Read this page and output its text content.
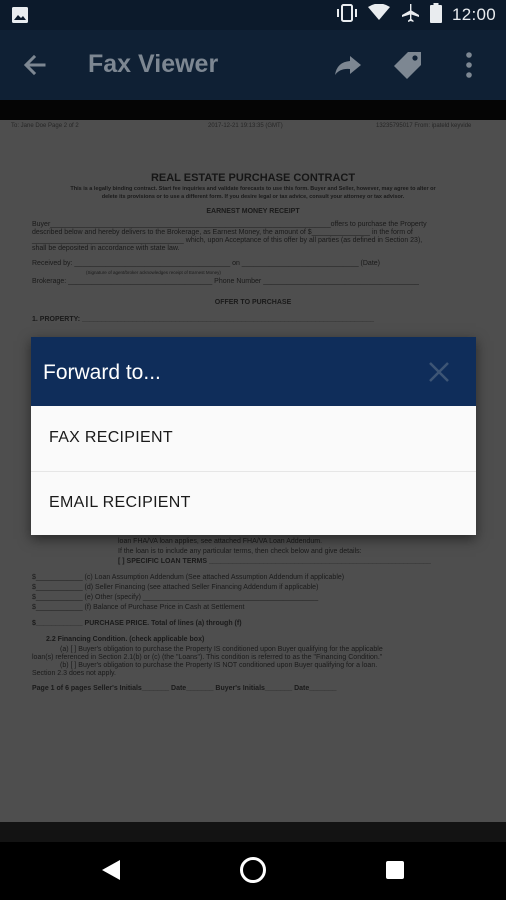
12:00
Fax Viewer
To: Jane Doe Page 2 of 2	2017-12-21 19:13:35 (GMT)	13235795017 From: ipateld keyvide
REAL ESTATE PURCHASE CONTRACT
This is a legally binding contract. Start fee inquiries and validate forecasts to use this form. Buyer and Seller, however, may agree to alter or
delete its provisions or to use a different form. If you desire legal or tax advice, consult your attorney or tax advisor.
EARNEST MONEY RECEIPT
Buyer________________________________________________________________________offers to purchase the Property
described below and hereby delivers to the Brokerage, as Earnest Money, the amount of $_______________ in the form of
_______________________________________ which, upon Acceptance of this offer by all parties (as defined in Section 23),
shall be deposited in accordance with state law.
Received by: ________________________________________ on ______________________________ (Date)
(Signature of agent/broker acknowledges receipt of Earnest Money)
Brokerage: _____________________________________ Phone Number ________________________________________
OFFER TO PURCHASE
1. PROPERTY: ___________________________________________________________________________
loan FHA/VA loan applies, see attached FHA/VA Loan Addendum.
If the loan is to include any particular terms, then check below and give details:
[ ] SPECIFIC LOAN TERMS _________________________________________________________
$____________ (c) Loan Assumption Addendum (See attached Assumption Addendum if applicable)
$____________ (d) Seller Financing (see attached Seller Financing Addendum if applicable)
$____________ (e) Other (specify) _____________________________________________
$____________ (f) Balance of Purchase Price in Cash at Settlement
$____________ PURCHASE PRICE. Total of lines (a) through (f)
2.2 Financing Condition. (check applicable box)
(a) [ ] Buyer's obligation to purchase the Property IS conditioned upon Buyer qualifying for the applicable
loan(s) referenced in Section 2.1(b) or (c) (the "Loans"). This condition is referred to as the "Financing Condition."
(b) [ ] Buyer's obligation to purchase the Property IS NOT conditioned upon Buyer qualifying for a loan.
Section 2.3 does not apply.
Page 1 of 6 pages Seller's Initials_______ Date_______ Buyer's Initials_______ Date_______
Forward to...
FAX RECIPIENT
EMAIL RECIPIENT
